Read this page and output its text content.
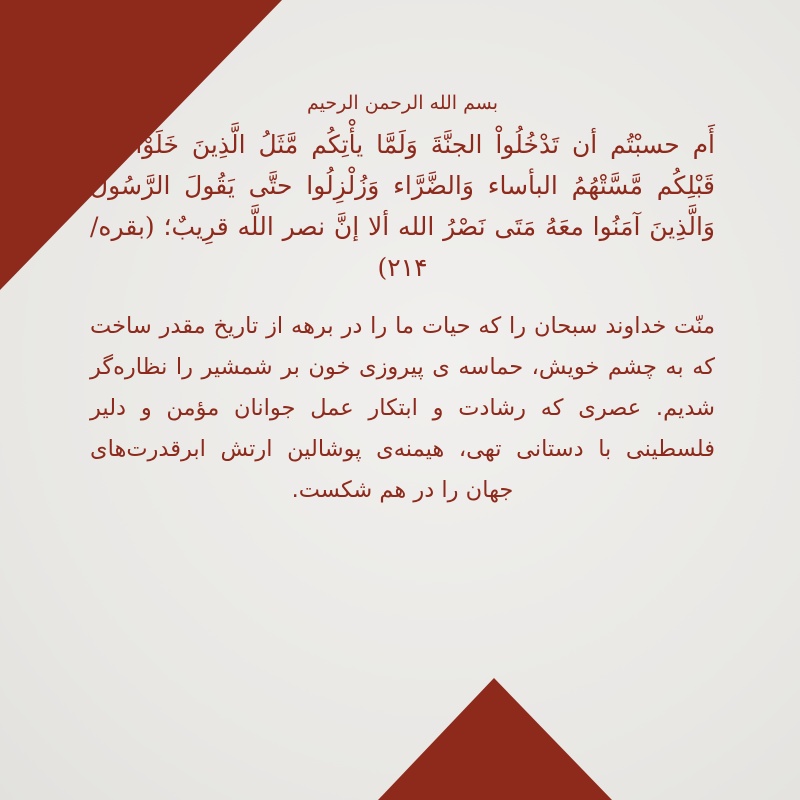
بسم الله الرحمن الرحیم

أَم حسبْتُم أن تَدْخُلُواْ الجنَّةَ وَلَمَّا یأْتِكُم مَّثَلُ الَّذِینَ خَلَوْاْ مِن قَبْلِكُم مَّسَّتْهُمُ البأساء وَالضَّرَّاء وَزُلْزِلُوا حتَّى یَقُولَ الرَّسُولُ وَالَّذِینَ آمَنُوا معَهُ مَتَى نَصْرُ الله ألا إنَّ نصر اللَّه قرِیبٌ؛ (بقره/۲۱۴)

منّت خداوند سبحان را که حیات ما را در برهه از تاریخ مقدر ساخت که به چشم خویش، حماسه ی پیروزی خون بر شمشیر را نظاره‌گر شدیم. عصری که رشادت و ابتکار عمل جوانان مؤمن و دلیر فلسطینی با دستانی تهی، هیمنه‌ی پوشالین ارتش ابرقدرت‌های جهان را در هم شکست.
